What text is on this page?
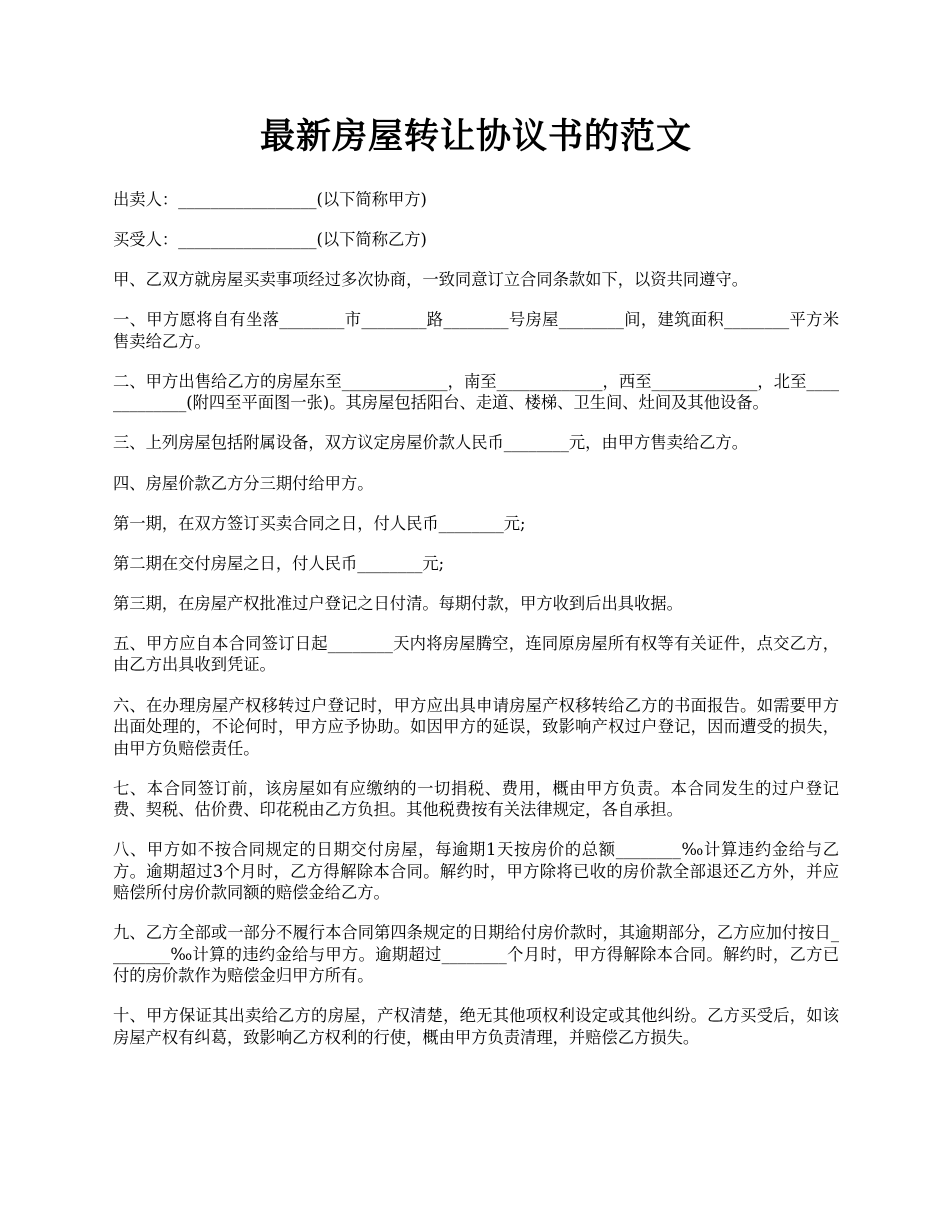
最新房屋转让协议书的范文

出卖人：_________________(以下简称甲方)

买受人：_________________(以下简称乙方)

甲、乙双方就房屋买卖事项经过多次协商，一致同意订立合同条款如下，以资共同遵守。

一、甲方愿将自有坐落________市________路________号房屋________间，建筑面积________平方米售卖给乙方。

二、甲方出售给乙方的房屋东至_____________，南至_____________，西至_____________，北至_____________(附四至平面图一张)。其房屋包括阳台、走道、楼梯、卫生间、灶间及其他设备。

三、上列房屋包括附属设备，双方议定房屋价款人民币________元，由甲方售卖给乙方。

四、房屋价款乙方分三期付给甲方。

第一期，在双方签订买卖合同之日，付人民币________元;

第二期在交付房屋之日，付人民币________元;

第三期，在房屋产权批准过户登记之日付清。每期付款，甲方收到后出具收据。

五、甲方应自本合同签订日起________天内将房屋腾空，连同原房屋所有权等有关证件，点交乙方，由乙方出具收到凭证。

六、在办理房屋产权移转过户登记时，甲方应出具申请房屋产权移转给乙方的书面报告。如需要甲方出面处理的，不论何时，甲方应予协助。如因甲方的延误，致影响产权过户登记，因而遭受的损失，由甲方负赔偿责任。

七、本合同签订前，该房屋如有应缴纳的一切捐税、费用，概由甲方负责。本合同发生的过户登记费、契税、估价费、印花税由乙方负担。其他税费按有关法律规定，各自承担。

八、甲方如不按合同规定的日期交付房屋，每逾期1天按房价的总额________‰计算违约金给与乙方。逾期超过3个月时，乙方得解除本合同。解约时，甲方除将已收的房价款全部退还乙方外，并应赔偿所付房价款同额的赔偿金给乙方。

九、乙方全部或一部分不履行本合同第四条规定的日期给付房价款时，其逾期部分，乙方应加付按日________‰计算的违约金给与甲方。逾期超过________个月时，甲方得解除本合同。解约时，乙方已付的房价款作为赔偿金归甲方所有。

十、甲方保证其出卖给乙方的房屋，产权清楚，绝无其他项权利设定或其他纠纷。乙方买受后，如该房屋产权有纠葛，致影响乙方权利的行使，概由甲方负责清理，并赔偿乙方损失。
